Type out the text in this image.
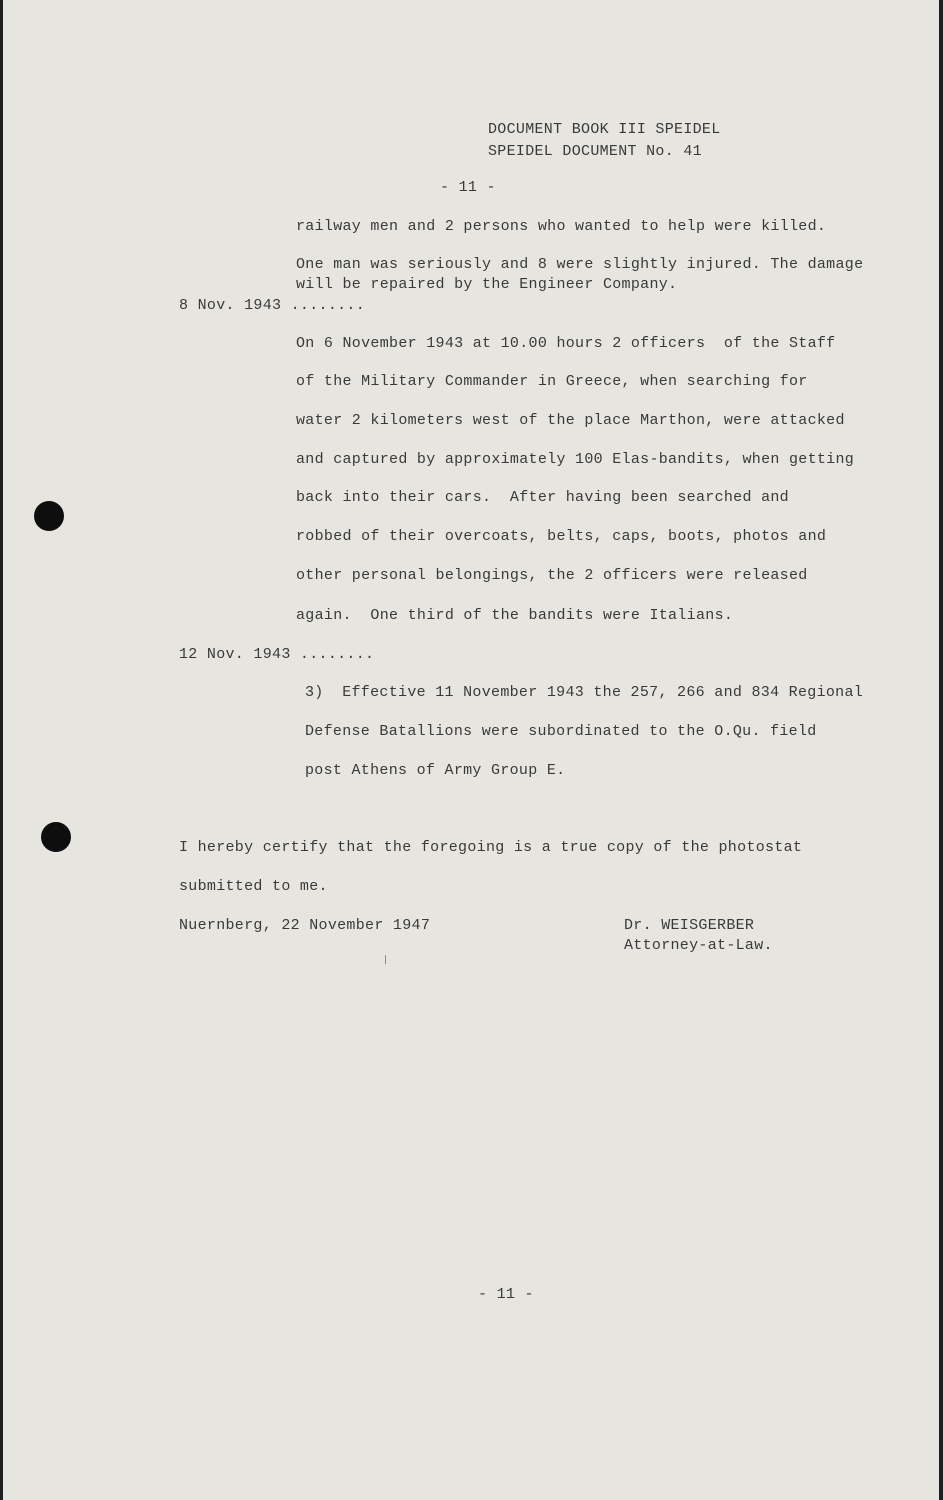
DOCUMENT BOOK III SPEIDEL
SPEIDEL DOCUMENT No. 41
- 11 -
railway men and 2 persons who wanted to help were killed.
One man was seriously and 8 were slightly injured. The damage
will be repaired by the Engineer Company.
8 Nov. 1943 ........
On 6 November 1943 at 10.00 hours 2 officers  of the Staff
of the Military Commander in Greece, when searching for
water 2 kilometers west of the place Marthon, were attacked
and captured by approximately 100 Elas-bandits, when getting
back into their cars.  After having been searched and
robbed of their overcoats, belts, caps, boots, photos and
other personal belongings, the 2 officers were released
again.  One third of the bandits were Italians.
12 Nov. 1943 ........
3)  Effective 11 November 1943 the 257, 266 and 834 Regional
Defense Batallions were subordinated to the O.Qu. field
post Athens of Army Group E.
I hereby certify that the foregoing is a true copy of the photostat
submitted to me.
Nuernberg, 22 November 1947	Dr. WEISGERBER
Attorney-at-Law.
- 11 -
